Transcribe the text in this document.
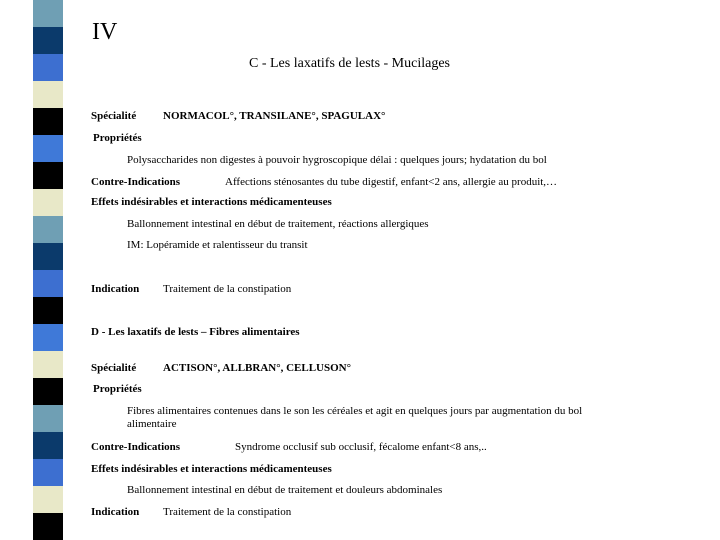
IV
C - Les laxatifs de lests - Mucilages
Spécialité NORMACOL°, TRANSILANE°, SPAGULAX°
Propriétés
Polysaccharides non digestes à pouvoir hygroscopique délai : quelques jours; hydatation du bol
Contre-Indications	Affections sténosantes du tube digestif, enfant<2 ans, allergie au produit,…
Effets indésirables et interactions médicamenteuses
Ballonnement intestinal en début de traitement, réactions allergiques
IM: Lopéramide et ralentisseur du transit
Indication Traitement de la constipation
D - Les laxatifs de lests – Fibres alimentaires
Spécialité ACTISON°, ALLBRAN°, CELLUSON°
Propriétés
Fibres alimentaires contenues dans le son les céréales et agit en quelques jours par augmentation du bol alimentaire
Contre-Indications	Syndrome occlusif sub occlusif, fécalome enfant<8 ans,..
Effets indésirables et interactions médicamenteuses
Ballonnement intestinal en début de traitement et douleurs abdominales
Indication Traitement de la constipation
